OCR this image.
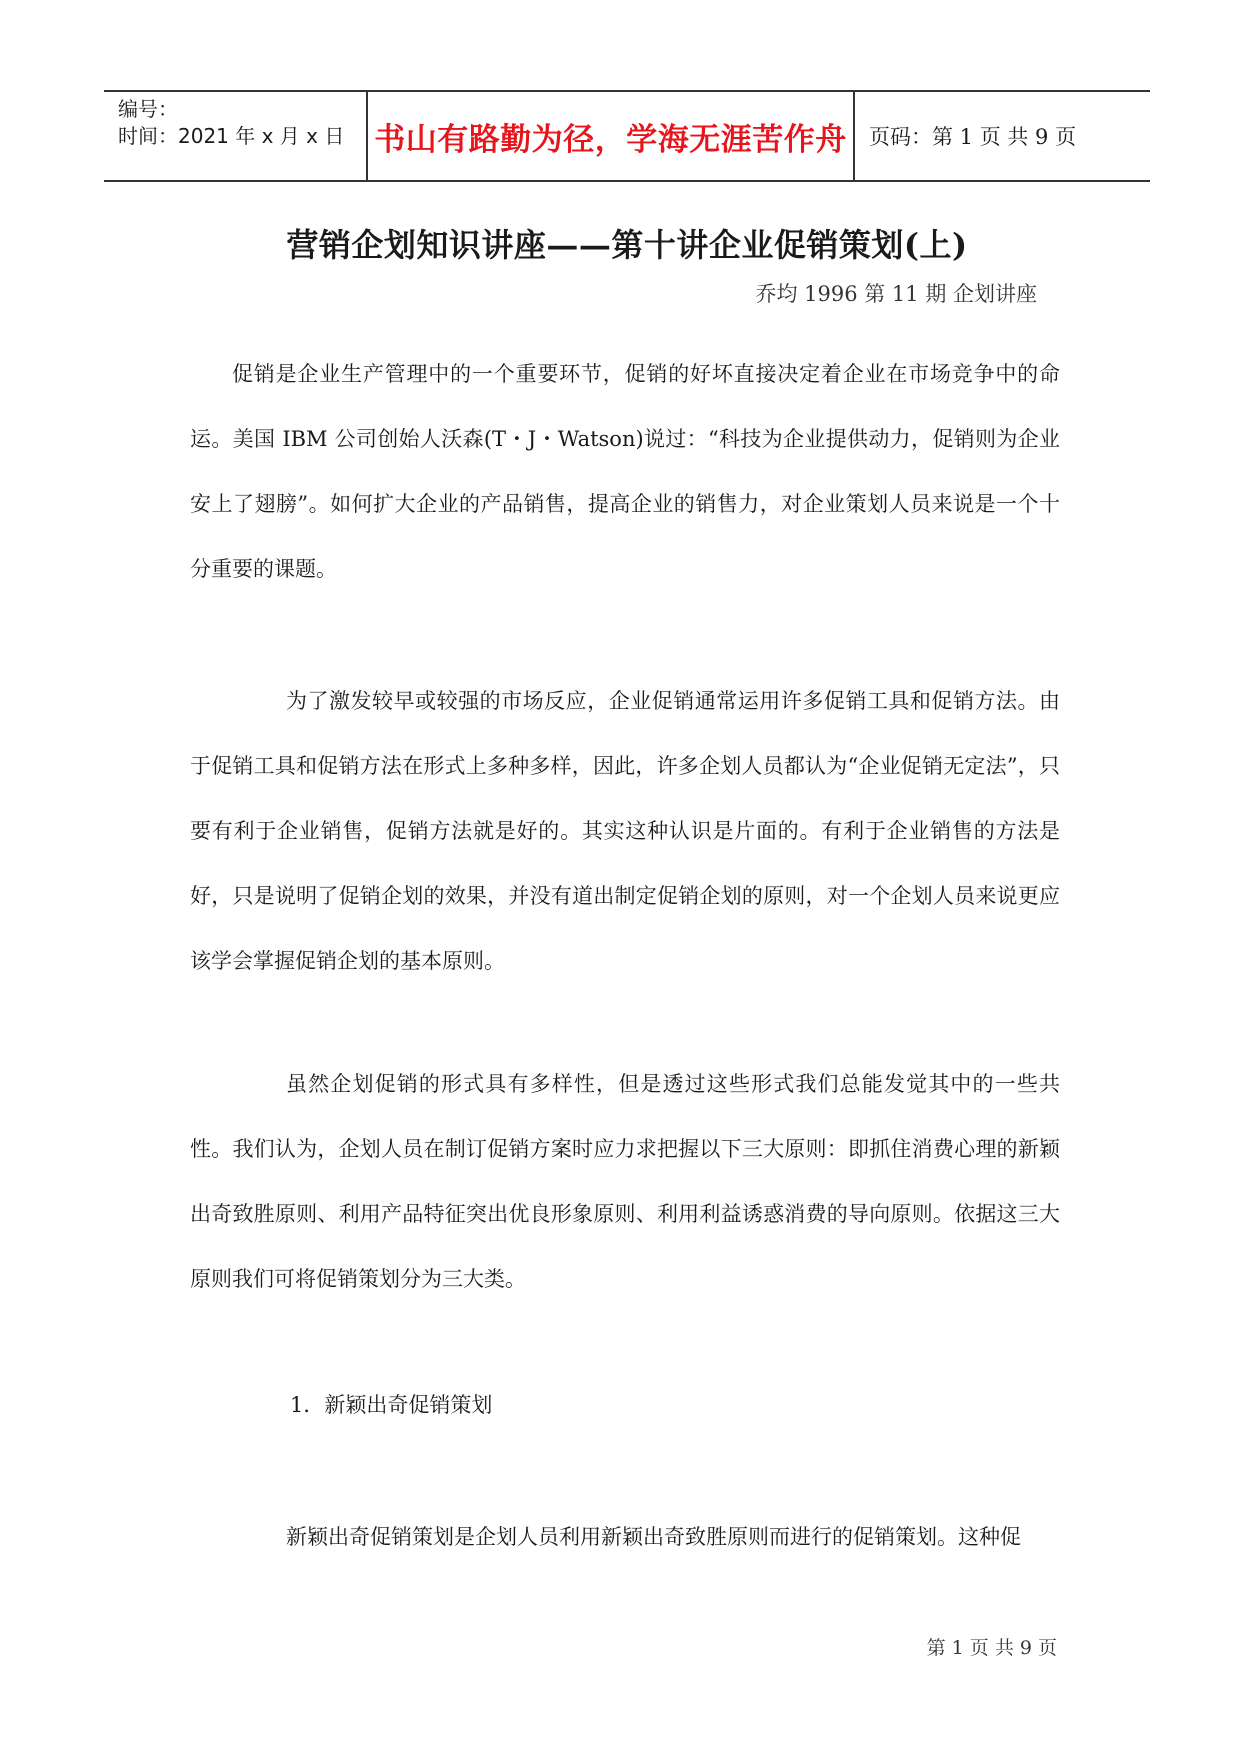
编号：
时间：2021 年 x 月 x 日 书山有路勤为径，学海无涯苦作舟	页码：第 1 页 共 9 页
营销企划知识讲座——第十讲企业促销策划(上)
乔均 1996 第 11 期 企划讲座
促销是企业生产管理中的一个重要环节，促销的好坏直接决定着企业在市场竞争中的命运。美国 IBM 公司创始人沃森(T・J・Watson)说过：“科技为企业提供动力，促销则为企业安上了翅膀”。如何扩大企业的产品销售，提高企业的销售力，对企业策划人员来说是一个十分重要的课题。
为了激发较早或较强的市场反应，企业促销通常运用许多促销工具和促销方法。由于促销工具和促销方法在形式上多种多样，因此，许多企划人员都认为“企业促销无定法”，只要有利于企业销售，促销方法就是好的。其实这种认识是片面的。有利于企业销售的方法是好，只是说明了促销企划的效果，并没有道出制定促销企划的原则，对一个企划人员来说更应该学会掌握促销企划的基本原则。
虽然企划促销的形式具有多样性，但是透过这些形式我们总能发觉其中的一些共性。我们认为，企划人员在制订促销方案时应力求把握以下三大原则：即抓住消费心理的新颖出奇致胜原则、利用产品特征突出优良形象原则、利用利益诱惑消费的导向原则。依据这三大原则我们可将促销策划分为三大类。
1．新颖出奇促销策划
新颖出奇促销策划是企划人员利用新颖出奇致胜原则而进行的促销策划。这种促
第 1 页 共 9 页
